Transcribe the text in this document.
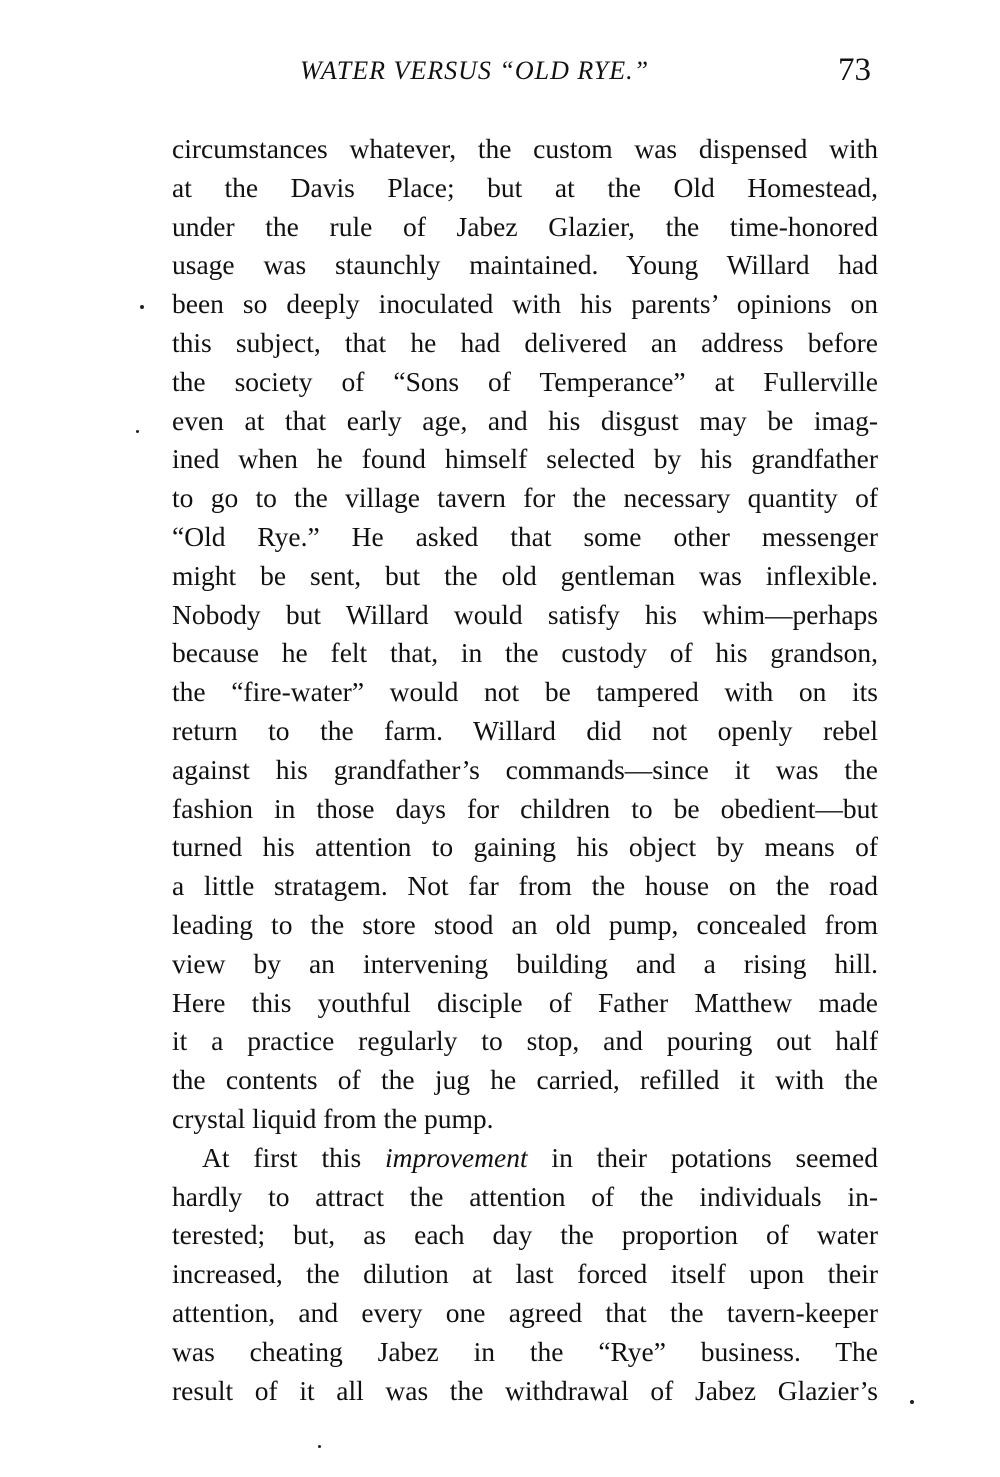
WATER VERSUS “OLD RYE.”	73
circumstances whatever, the custom was dispensed with
at the Davis Place; but at the Old Homestead,
under the rule of Jabez Glazier, the time-honored
usage was staunchly maintained. Young Willard had
been so deeply inoculated with his parents’ opinions on
this subject, that he had delivered an address before
the society of “Sons of Temperance” at Fullerville
even at that early age, and his disgust may be imag-
ined when he found himself selected by his grandfather
to go to the village tavern for the necessary quantity of
“Old Rye.” He asked that some other messenger
might be sent, but the old gentleman was inflexible.
Nobody but Willard would satisfy his whim—perhaps
because he felt that, in the custody of his grandson,
the “fire-water” would not be tampered with on its
return to the farm. Willard did not openly rebel
against his grandfather’s commands—since it was the
fashion in those days for children to be obedient—but
turned his attention to gaining his object by means of
a little stratagem. Not far from the house on the road
leading to the store stood an old pump, concealed from
view by an intervening building and a rising hill.
Here this youthful disciple of Father Matthew made
it a practice regularly to stop, and pouring out half
the contents of the jug he carried, refilled it with the
crystal liquid from the pump.
At first this improvement in their potations seemed
hardly to attract the attention of the individuals in-
terested; but, as each day the proportion of water
increased, the dilution at last forced itself upon their
attention, and every one agreed that the tavern-keeper
was cheating Jabez in the “Rye” business. The
result of it all was the withdrawal of Jabez Glazier’s
